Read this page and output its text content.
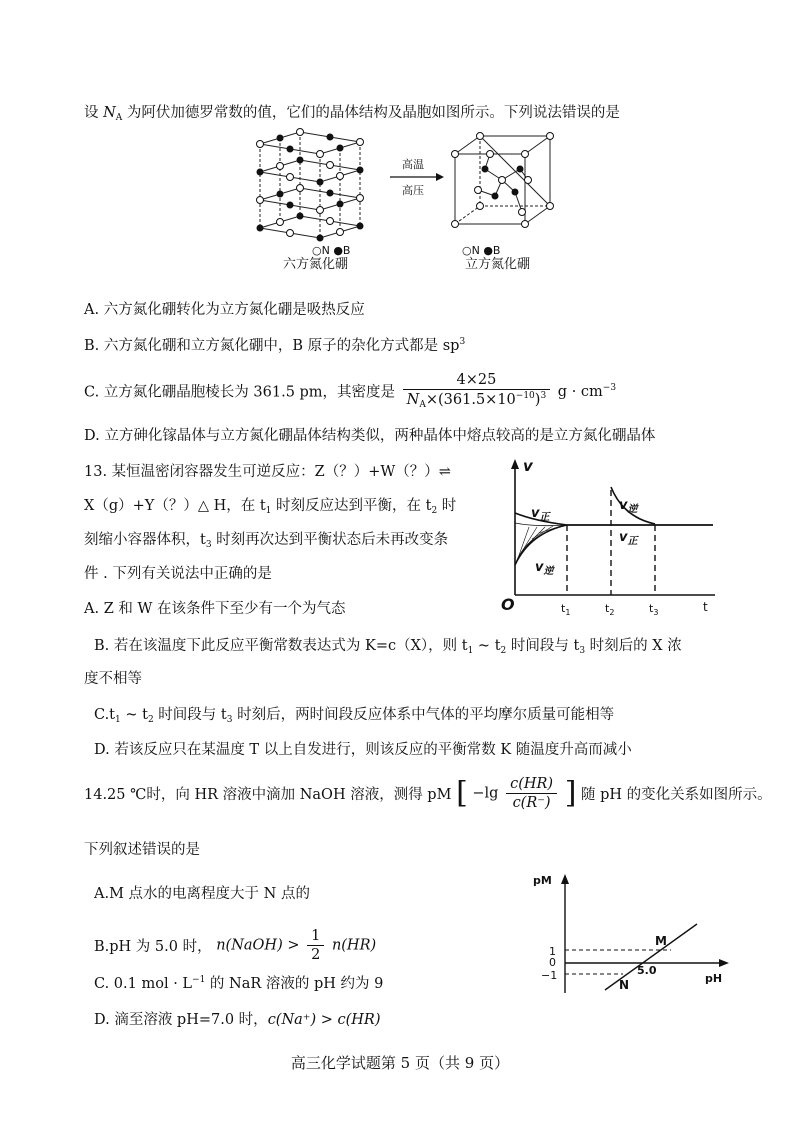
设 $N_A$ 为阿伏加德罗常数的值，它们的晶体结构及晶胞如图所示。下列说法错误的是
高温
高压
○N ●B	○N ●B
六方氮化硼	立方氮化硼
A. 六方氮化硼转化为立方氮化硼是吸热反应
B. 六方氮化硼和立方氮化硼中，B 原子的杂化方式都是 $sp^3$
C. 立方氮化硼晶胞棱长为 361.5 pm，其密度是 $\frac{4\times 25}{N_A\times(361.5\times 10^{-10})^3}$ $g \cdot cm^{-3}$
D. 立方砷化镓晶体与立方氮化硼晶体结构类似，两种晶体中熔点较高的是立方氮化硼晶体
13. 某恒温密闭容器发生可逆反应：Z（？）+W（？）⇌
X（g）+Y（？）△ H，在 $t_1$ 时刻反应达到平衡，在 $t_2$ 时
刻缩小容器体积，$t_3$ 时刻再次达到平衡状态后未再改变条
件 . 下列有关说法中正确的是
A. Z 和 W 在该条件下至少有一个为气态
v
O	t
$t_1$	$t_2$	$t_3$
$v_正$
$v_逆$
$v_逆$
$v_正$
B. 若在该温度下此反应平衡常数表达式为 K=c（X），则 $t_1$ ~ $t_2$ 时间段与 $t_3$ 时刻后的 X 浓
度不相等
$C.t_1$ ~ $t_2$ 时间段与 $t_3$ 时刻后，两时间段反应体系中气体的平均摩尔质量可能相等
D. 若该反应只在某温度 T 以上自发进行，则该反应的平衡常数 K 随温度升高而减小
14.25 ℃时，向 HR 溶液中滴加 NaOH 溶液，测得 pM [ $-\lg \frac{c(HR)}{c(R^-)}$ ] 随 pH 的变化关系如图所示。
下列叙述错误的是
A.M 点水的电离程度大于 N 点的
B.pH 为 5.0 时， n(NaOH) > $\frac{1}{2} n(HR)$
C. 0.1 mol · $L^{-1}$ 的 NaR 溶液的 pH 约为 9
D. 滴至溶液 pH=7.0 时，c(Na⁺) > c(HR)
pM
pH
1
0
−1
M
N
5.0
高三化学试题第 5 页（共 9 页）
